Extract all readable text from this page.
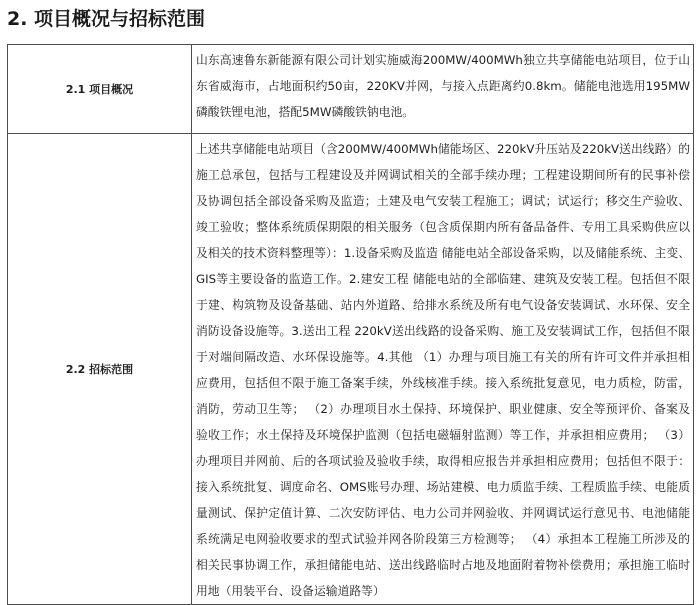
2. 项目概况与招标范围
2.1 项目概况	山东高速鲁东新能源有限公司计划实施威海200MW/400MWh独立共享储能电站项目，位于山东省威海市，占地面积约50亩，220KV并网，与接入点距离约0.8km。储能电池选用195MW磷酸铁锂电池，搭配5MW磷酸铁钠电池。
2.2 招标范围	上述共享储能电站项目（含200MW/400MWh储能场区、220kV升压站及220kV送出线路）的施工总承包，包括与工程建设及并网调试相关的全部手续办理；工程建设期间所有的民事补偿及协调包括全部设备采购及监造；土建及电气安装工程施工；调试；试运行；移交生产验收、竣工验收；整体系统质保期限的相关服务（包含质保期内所有备品备件、专用工具采购供应以及相关的技术资料整理等）：1.设备采购及监造 储能电站全部设备采购，以及储能系统、主变、GIS等主要设备的监造工作。2.建安工程 储能电站的全部临建、建筑及安装工程。包括但不限于建、构筑物及设备基础、站内外道路、给排水系统及所有电气设备安装调试、水环保、安全消防设备设施等。3.送出工程 220kV送出线路的设备采购、施工及安装调试工作，包括但不限于对端间隔改造、水环保设施等。4.其他 （1）办理与项目施工有关的所有许可文件并承担相应费用，包括但不限于施工备案手续，外线核准手续。接入系统批复意见，电力质检，防雷，消防，劳动卫生等； （2）办理项目水土保持、环境保护、职业健康、安全等预评价、备案及验收工作；水土保持及环境保护监测（包括电磁辐射监测）等工作，并承担相应费用； （3）办理项目并网前、后的各项试验及验收手续，取得相应报告并承担相应费用；包括但不限于：接入系统批复、调度命名、OMS账号办理、场站建模、电力质监手续、工程质监手续、电能质量测试、保护定值计算、二次安防评估、电力公司并网验收、并网调试运行意见书、电池储能系统满足电网验收要求的型式试验并网各阶段第三方检测等； （4）承担本工程施工所涉及的相关民事协调工作，承担储能电站、送出线路临时占地及地面附着物补偿费用；承担施工临时用地（用装平台、设备运输道路等）
